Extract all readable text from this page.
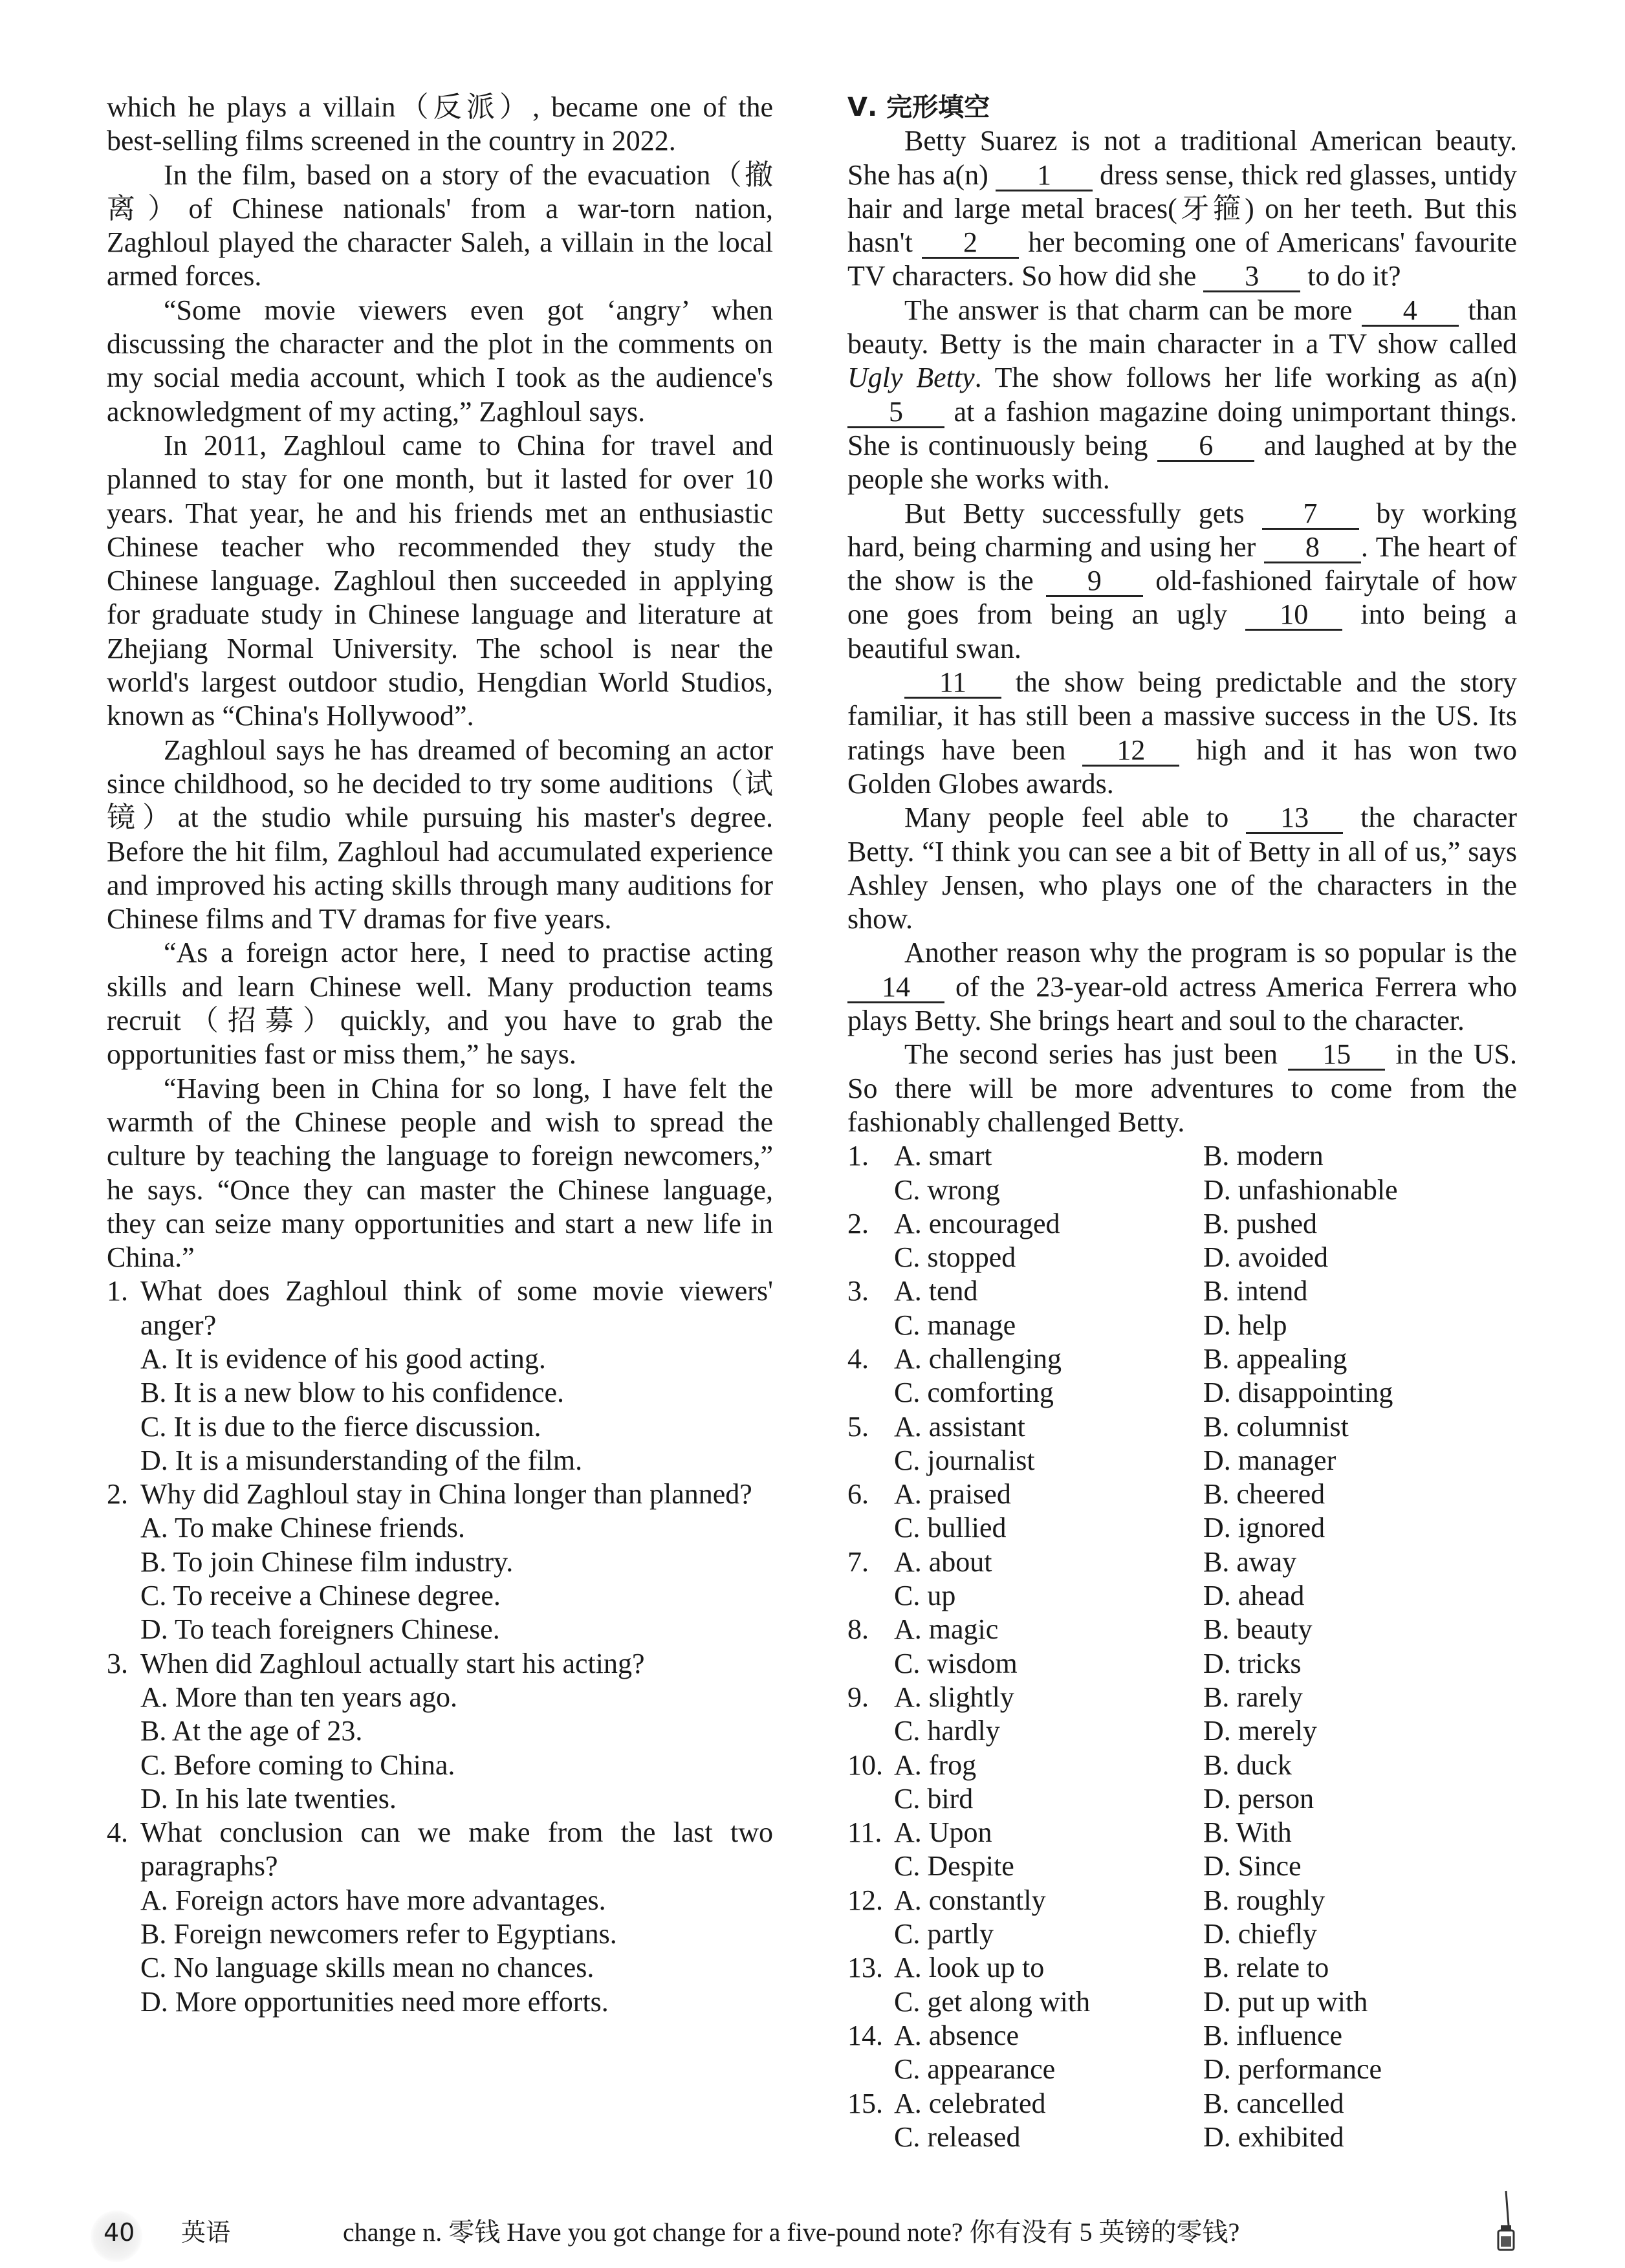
which he plays a villain（反派）, became one of the best-selling films screened in the country in 2022.

In the film, based on a story of the evacuation（撤离）of Chinese nationals' from a war-torn nation, Zaghloul played the character Saleh, a villain in the local armed forces.

“Some movie viewers even got ‘angry’ when discussing the character and the plot in the comments on my social media account, which I took as the audience's acknowledgment of my acting,” Zaghloul says.

In 2011, Zaghloul came to China for travel and planned to stay for one month, but it lasted for over 10 years. That year, he and his friends met an enthusiastic Chinese teacher who recommended they study the Chinese language. Zaghloul then succeeded in applying for graduate study in Chinese language and literature at Zhejiang Normal University. The school is near the world's largest outdoor studio, Hengdian World Studios, known as “China's Hollywood”.

Zaghloul says he has dreamed of becoming an actor since childhood, so he decided to try some auditions（试镜）at the studio while pursuing his master's degree. Before the hit film, Zaghloul had accumulated experience and improved his acting skills through many auditions for Chinese films and TV dramas for five years.

“As a foreign actor here, I need to practise acting skills and learn Chinese well. Many production teams recruit（招募）quickly, and you have to grab the opportunities fast or miss them,” he says.

“Having been in China for so long, I have felt the warmth of the Chinese people and wish to spread the culture by teaching the language to foreign newcomers,” he says. “Once they can master the Chinese language, they can seize many opportunities and start a new life in China.”

1. What does Zaghloul think of some movie viewers' anger?
A. It is evidence of his good acting.
B. It is a new blow to his confidence.
C. It is due to the fierce discussion.
D. It is a misunderstanding of the film.
2. Why did Zaghloul stay in China longer than planned?
A. To make Chinese friends.
B. To join Chinese film industry.
C. To receive a Chinese degree.
D. To teach foreigners Chinese.
3. When did Zaghloul actually start his acting?
A. More than ten years ago.
B. At the age of 23.
C. Before coming to China.
D. In his late twenties.
4. What conclusion can we make from the last two paragraphs?
A. Foreign actors have more advantages.
B. Foreign newcomers refer to Egyptians.
C. No language skills mean no chances.
D. More opportunities need more efforts.
Ⅴ. 完形填空

Betty Suarez is not a traditional American beauty. She has a(n) 1 dress sense, thick red glasses, untidy hair and large metal braces(牙箍) on her teeth. But this hasn't 2 her becoming one of Americans' favourite TV characters. So how did she 3 to do it?

The answer is that charm can be more 4 than beauty. Betty is the main character in a TV show called Ugly Betty. The show follows her life working as a(n) 5 at a fashion magazine doing unimportant things. She is continuously being 6 and laughed at by the people she works with.

But Betty successfully gets 7 by working hard, being charming and using her 8 . The heart of the show is the 9 old-fashioned fairytale of how one goes from being an ugly 10 into being a beautiful swan.

11 the show being predictable and the story familiar, it has still been a massive success in the US. Its ratings have been 12 high and it has won two Golden Globes awards.

Many people feel able to 13 the character Betty. “I think you can see a bit of Betty in all of us,” says Ashley Jensen, who plays one of the characters in the show.

Another reason why the program is so popular is the 14 of the 23-year-old actress America Ferrera who plays Betty. She brings heart and soul to the character.

The second series has just been 15 in the US. So there will be more adventures to come from the fashionably challenged Betty.

1. A. smart	B. modern
C. wrong	D. unfashionable
2. A. encouraged	B. pushed
C. stopped	D. avoided
3. A. tend	B. intend
C. manage	D. help
4. A. challenging	B. appealing
C. comforting	D. disappointing
5. A. assistant	B. columnist
C. journalist	D. manager
6. A. praised	B. cheered
C. bullied	D. ignored
7. A. about	B. away
C. up	D. ahead
8. A. magic	B. beauty
C. wisdom	D. tricks
9. A. slightly	B. rarely
C. hardly	D. merely
10. A. frog	B. duck
C. bird	D. person
11. A. Upon	B. With
C. Despite	D. Since
12. A. constantly	B. roughly
C. partly	D. chiefly
13. A. look up to	B. relate to
C. get along with	D. put up with
14. A. absence	B. influence
C. appearance	D. performance
15. A. celebrated	B. cancelled
C. released	D. exhibited
40 英语	change n. 零钱 Have you got change for a five-pound note? 你有没有 5 英镑的零钱?
